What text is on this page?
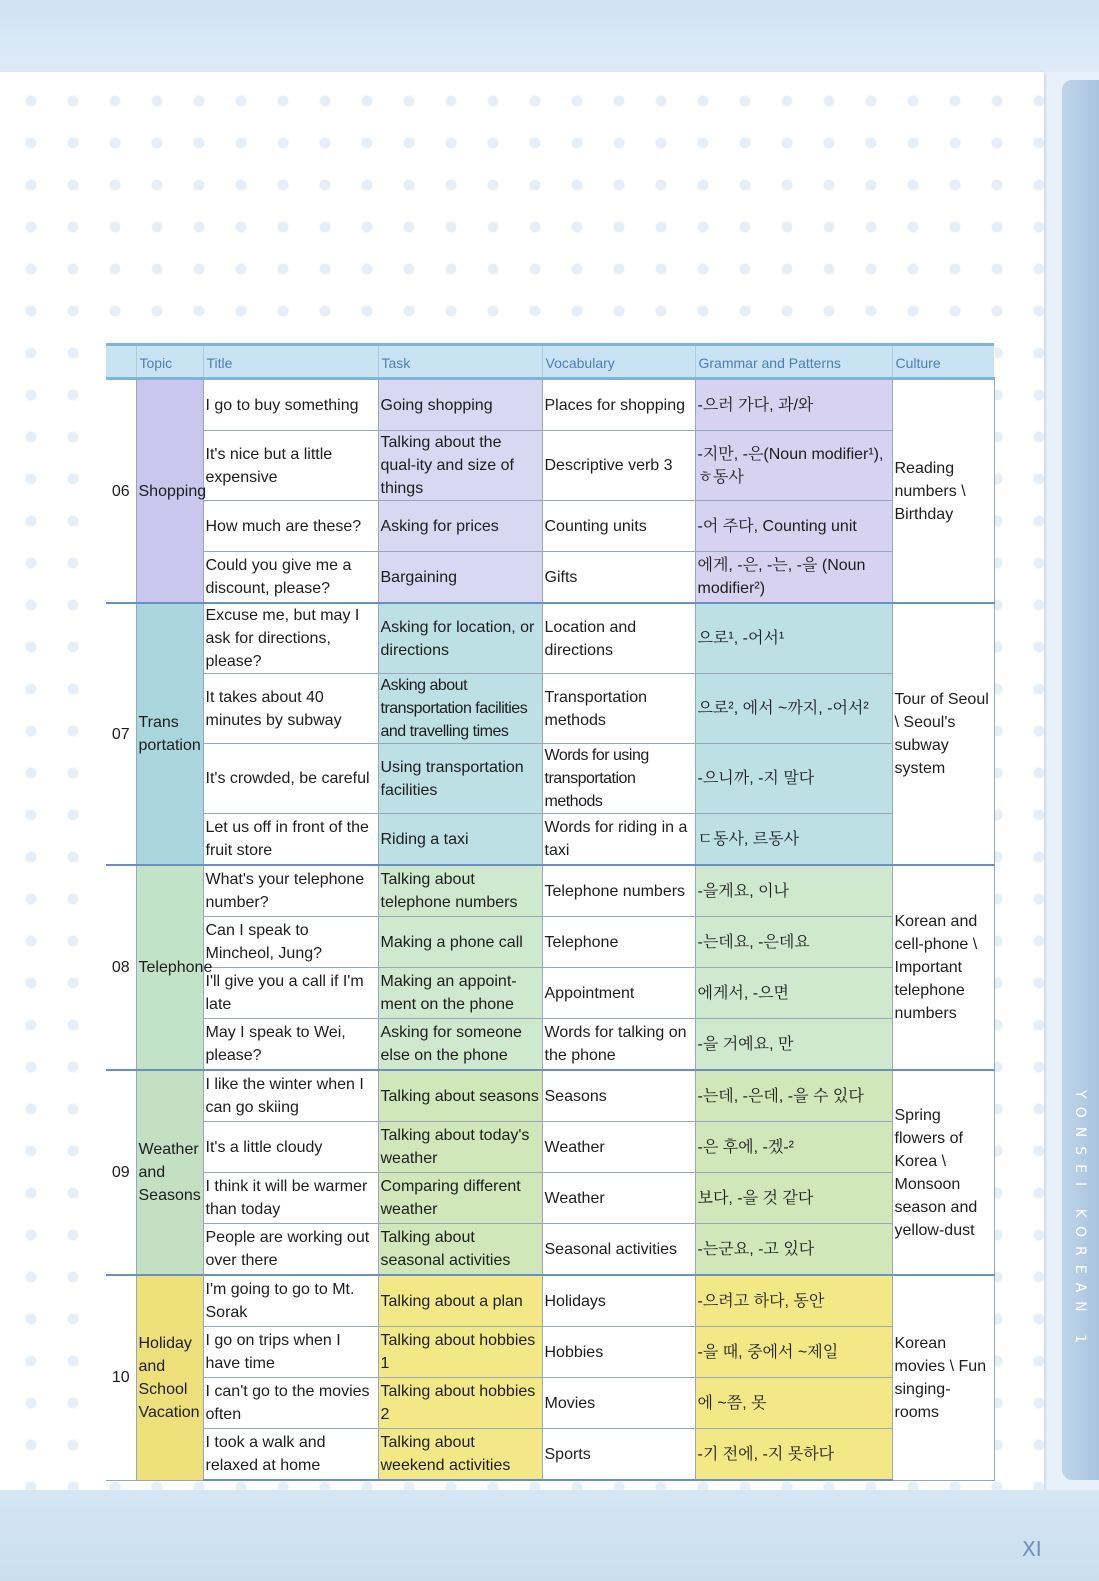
YONSEI KOREAN 1
XI
	Topic	Title	Task	Vocabulary	Grammar and Patterns	Culture
06	Shopping	I go to buy something	Going shopping	Places for shopping	-으러 가다, 과/와	Reading numbers \ Birthday
		It's nice but a little expensive	Talking about the qual-ity and size of things	Descriptive verb 3	-지만, -은(Noun modifier¹), ㅎ동사	
		How much are these?	Asking for prices	Counting units	-어 주다, Counting unit	
		Could you give me a discount, please?	Bargaining	Gifts	에게, -은, -는, -을 (Noun modifier²)	
07	Trans portation	Excuse me, but may I ask for directions, please?	Asking for location, or directions	Location and directions	으로¹, -어서¹	Tour of Seoul \ Seoul's subway system
		It takes about 40 minutes by subway	Asking about transportation facilities and travelling times	Transportation methods	으로², 에서 ~까지, -어서²	
		It's crowded, be careful	Using transportation facilities	Words for using transportation methods	-으니까, -지 말다	
		Let us off in front of the fruit store	Riding a taxi	Words for riding in a taxi	ㄷ동사, 르동사	
08	Telephone	What's your telephone number?	Talking about telephone numbers	Telephone numbers	-을게요, 이나	Korean and cell-phone \ Important telephone numbers
		Can I speak to Mincheol, Jung?	Making a phone call	Telephone	-는데요, -은데요	
		I'll give you a call if I'm late	Making an appoint-ment on the phone	Appointment	에게서, -으면	
		May I speak to Wei, please?	Asking for someone else on the phone	Words for talking on the phone	-을 거예요, 만	
09	Weather and Seasons	I like the winter when I can go skiing	Talking about seasons	Seasons	-는데, -은데, -을 수 있다	Spring flowers of Korea \ Monsoon season and yellow-dust
		It's a little cloudy	Talking about today's weather	Weather	-은 후에, -겠-²	
		I think it will be warmer than today	Comparing different weather	Weather	보다, -을 것 같다	
		People are working out over there	Talking about seasonal activities	Seasonal activities	-는군요, -고 있다	
10	Holiday and School Vacation	I'm going to go to Mt. Sorak	Talking about a plan	Holidays	-으려고 하다, 동안	Korean movies \ Fun singing-rooms
		I go on trips when I have time	Talking about hobbies 1	Hobbies	-을 때, 중에서 ~제일	
		I can't go to the movies often	Talking about hobbies 2	Movies	에 ~쯤, 못	
		I took a walk and relaxed at home	Talking about weekend activities	Sports	-기 전에, -지 못하다	
